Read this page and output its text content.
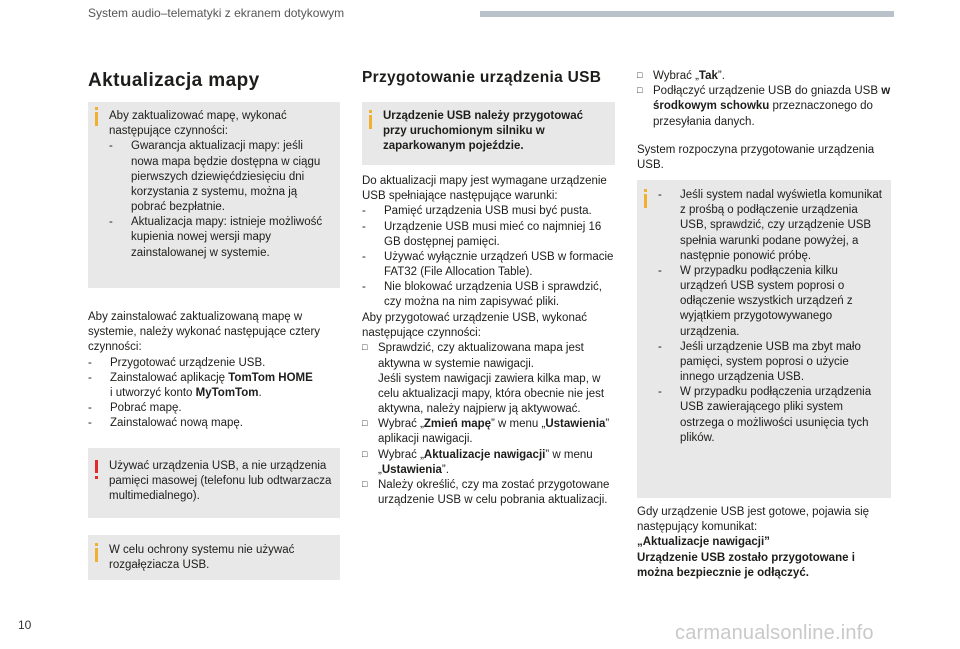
System audio–telematyki z ekranem dotykowym
Aktualizacja mapy

Aby zaktualizować mapę, wykonać następujące czynności:

- Gwarancja aktualizacji mapy: jeśli nowa mapa będzie dostępna w ciągu pierwszych dziewięćdziesięciu dni korzystania z systemu, można ją pobrać bezpłatnie.
- Aktualizacja mapy: istnieje możliwość kupienia nowej wersji mapy zainstalowanej w systemie.

Aby zainstalować zaktualizowaną mapę w systemie, należy wykonać następujące cztery czynności:

- Przygotować urządzenie USB.
- Zainstalować aplikację TomTom HOME
i utworzyć konto MyTomTom.
- Pobrać mapę.
- Zainstalować nową mapę.

Używać urządzenia USB, a nie urządzenia pamięci masowej (telefonu lub odtwarzacza multimedialnego).

W celu ochrony systemu nie używać rozgałęziacza USB.

Przygotowanie urządzenia USB

Urządzenie USB należy przygotować przy uruchomionym silniku w zaparkowanym pojeździe.

Do aktualizacji mapy jest wymagane urządzenie USB spełniające następujące warunki:

- Pamięć urządzenia USB musi być pusta.
- Urządzenie USB musi mieć co najmniej 16 GB dostępnej pamięci.
- Używać wyłącznie urządzeń USB w formacie FAT32 (File Allocation Table).
- Nie blokować urządzenia USB i sprawdzić, czy można na nim zapisywać pliki.

Aby przygotować urządzenie USB, wykonać następujące czynności:

□ Sprawdzić, czy aktualizowana mapa jest aktywna w systemie nawigacji.
Jeśli system nawigacji zawiera kilka map, w celu aktualizacji mapy, która obecnie nie jest aktywna, należy najpierw ją aktywować.
□ Wybrać „Zmień mapę” w menu „Ustawienia” aplikacji nawigacji.
□ Wybrać „Aktualizacje nawigacji” w menu „Ustawienia”.
□ Należy określić, czy ma zostać przygotowane urządzenie USB w celu pobrania aktualizacji.
□ Wybrać „Tak”.
□ Podłączyć urządzenie USB do gniazda USB w środkowym schowku przeznaczonego do przesyłania danych.

System rozpoczyna przygotowanie urządzenia USB.

- Jeśli system nadal wyświetla komunikat z prośbą o podłączenie urządzenia USB, sprawdzić, czy urządzenie USB spełnia warunki podane powyżej, a następnie ponowić próbę.
- W przypadku podłączenia kilku urządzeń USB system poprosi o odłączenie wszystkich urządzeń z wyjątkiem przygotowywanego urządzenia.
- Jeśli urządzenie USB ma zbyt mało pamięci, system poprosi o użycie innego urządzenia USB.
- W przypadku podłączenia urządzenia USB zawierającego pliki system ostrzega o możliwości usunięcia tych plików.

Gdy urządzenie USB jest gotowe, pojawia się następujący komunikat:

„Aktualizacje nawigacji”

Urządzenie USB zostało przygotowane i można bezpiecznie je odłączyć.

10	carmanualsonline.info
